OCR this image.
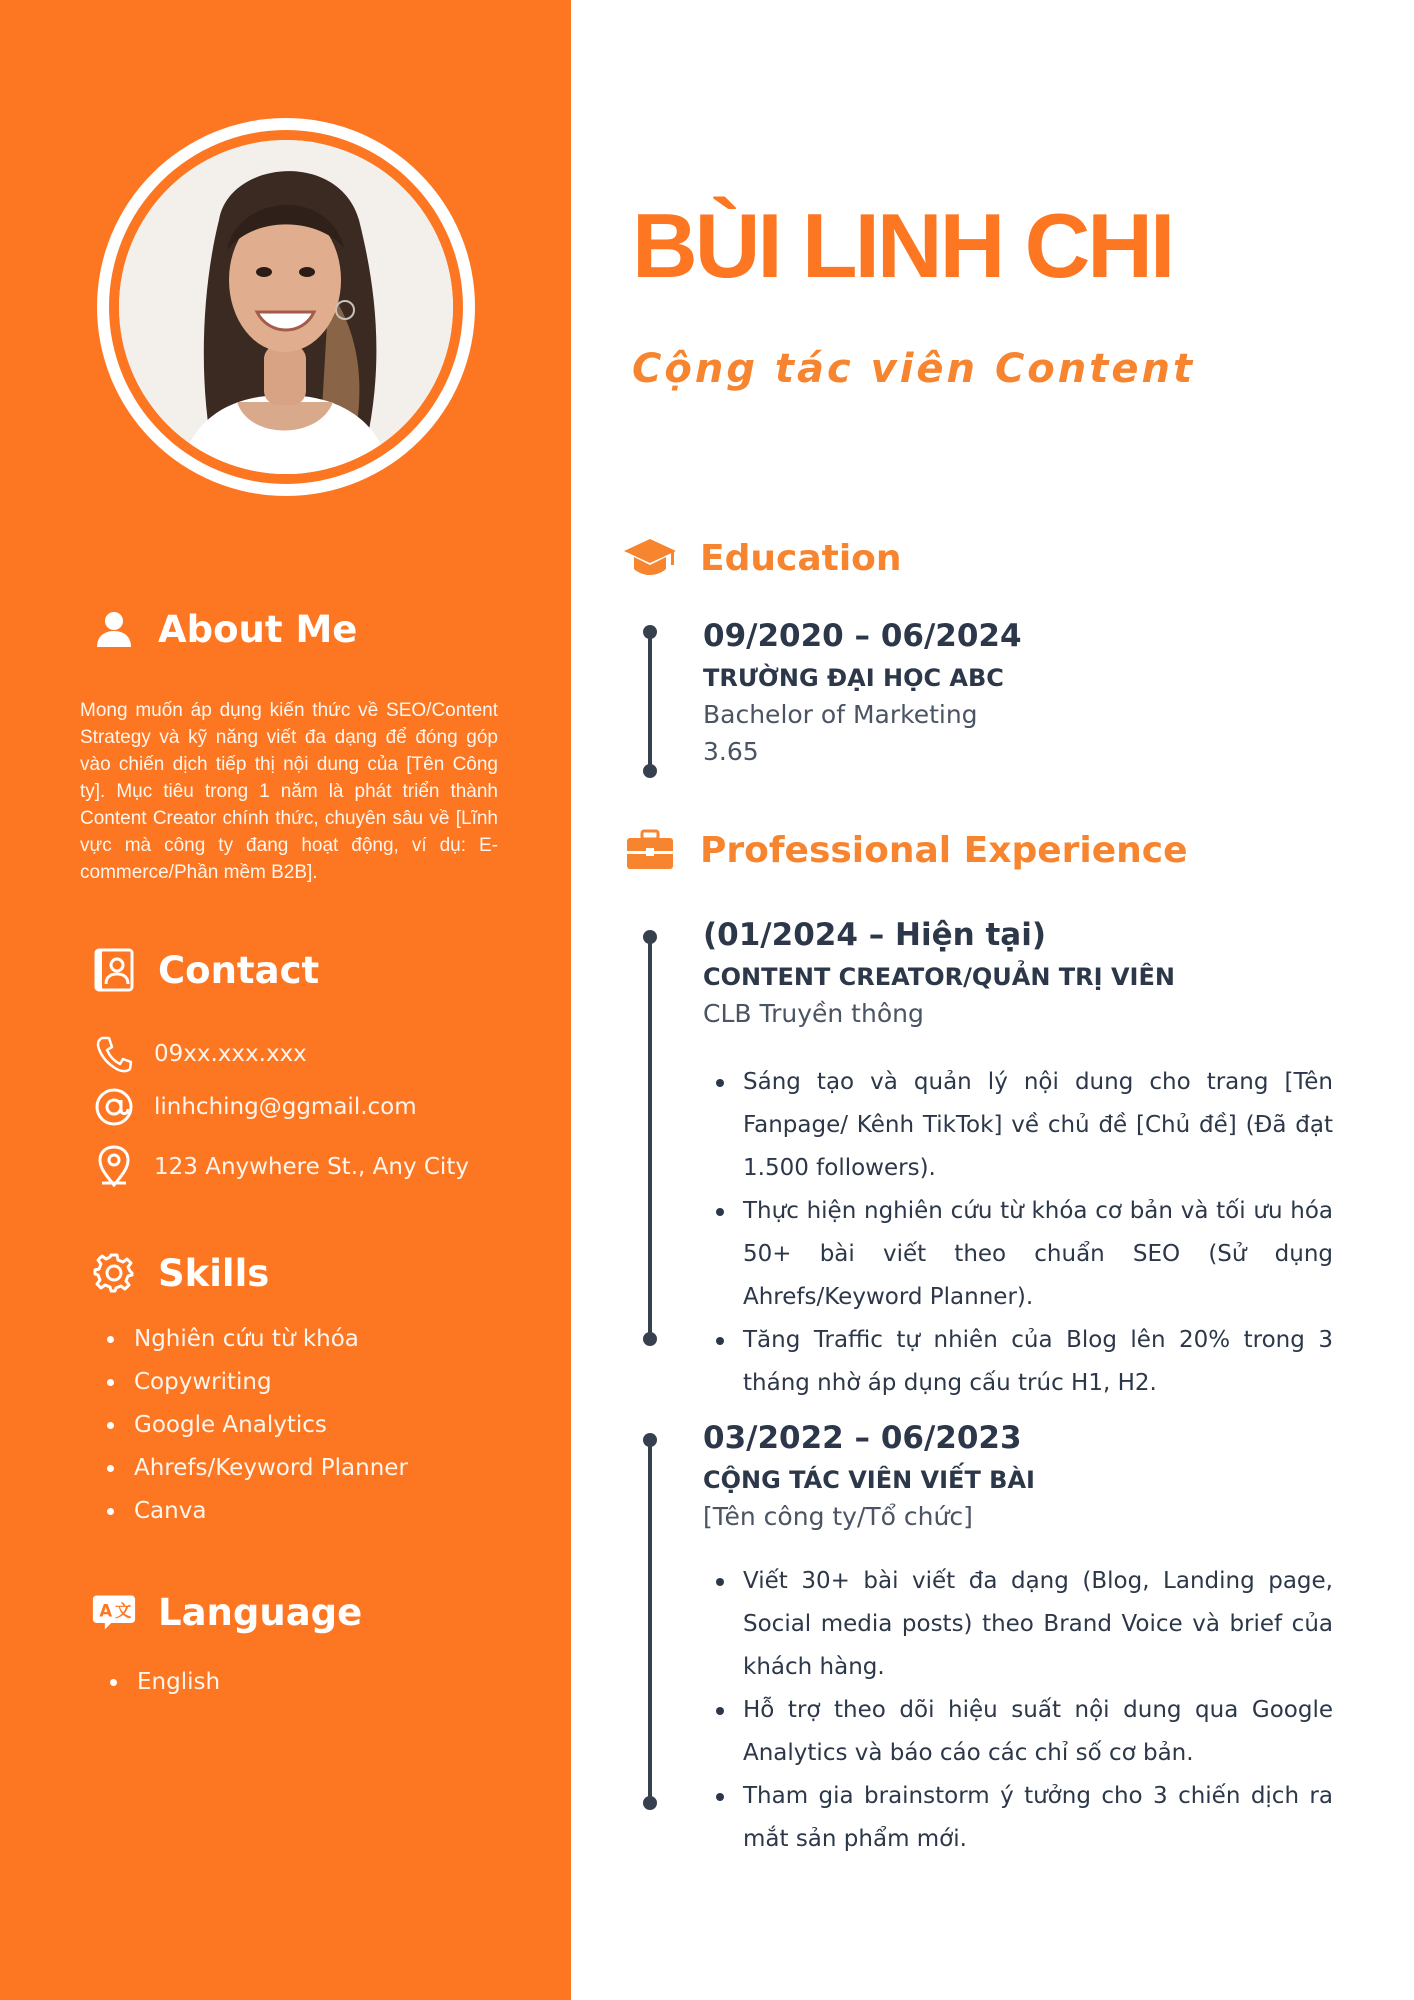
About Me

Mong muốn áp dụng kiến thức về SEO/Content Strategy và kỹ năng viết đa dạng để đóng góp vào chiến dịch tiếp thị nội dung của [Tên Công ty]. Mục tiêu trong 1 năm là phát triển thành Content Creator chính thức, chuyên sâu về [Lĩnh vực mà công ty đang hoạt động, ví dụ: E-commerce/Phần mềm B2B].

Contact
09xx.xxx.xxx
linhching@ggmail.com
123 Anywhere St., Any City
Skills
Nghiên cứu từ khóa
Copywriting
Google Analytics
Ahrefs/Keyword Planner
Canva
A 文 Language
English
BÙI LINH CHI
Cộng tác viên Content
Education
09/2020 – 06/2024
TRƯỜNG ĐẠI HỌC ABC
Bachelor of Marketing
3.65
Professional Experience
(01/2024 – Hiện tại)
CONTENT CREATOR/QUẢN TRỊ VIÊN
CLB Truyền thông
Sáng tạo và quản lý nội dung cho trang [Tên Fanpage/ Kênh TikTok] về chủ đề [Chủ đề] (Đã đạt 1.500 followers).
Thực hiện nghiên cứu từ khóa cơ bản và tối ưu hóa 50+ bài viết theo chuẩn SEO (Sử dụng Ahrefs/Keyword Planner).
Tăng Traffic tự nhiên của Blog lên 20% trong 3 tháng nhờ áp dụng cấu trúc H1, H2.
03/2022 – 06/2023
CỘNG TÁC VIÊN VIẾT BÀI
[Tên công ty/Tổ chức]
Viết 30+ bài viết đa dạng (Blog, Landing page, Social media posts) theo Brand Voice và brief của khách hàng.
Hỗ trợ theo dõi hiệu suất nội dung qua Google Analytics và báo cáo các chỉ số cơ bản.
Tham gia brainstorm ý tưởng cho 3 chiến dịch ra mắt sản phẩm mới.
